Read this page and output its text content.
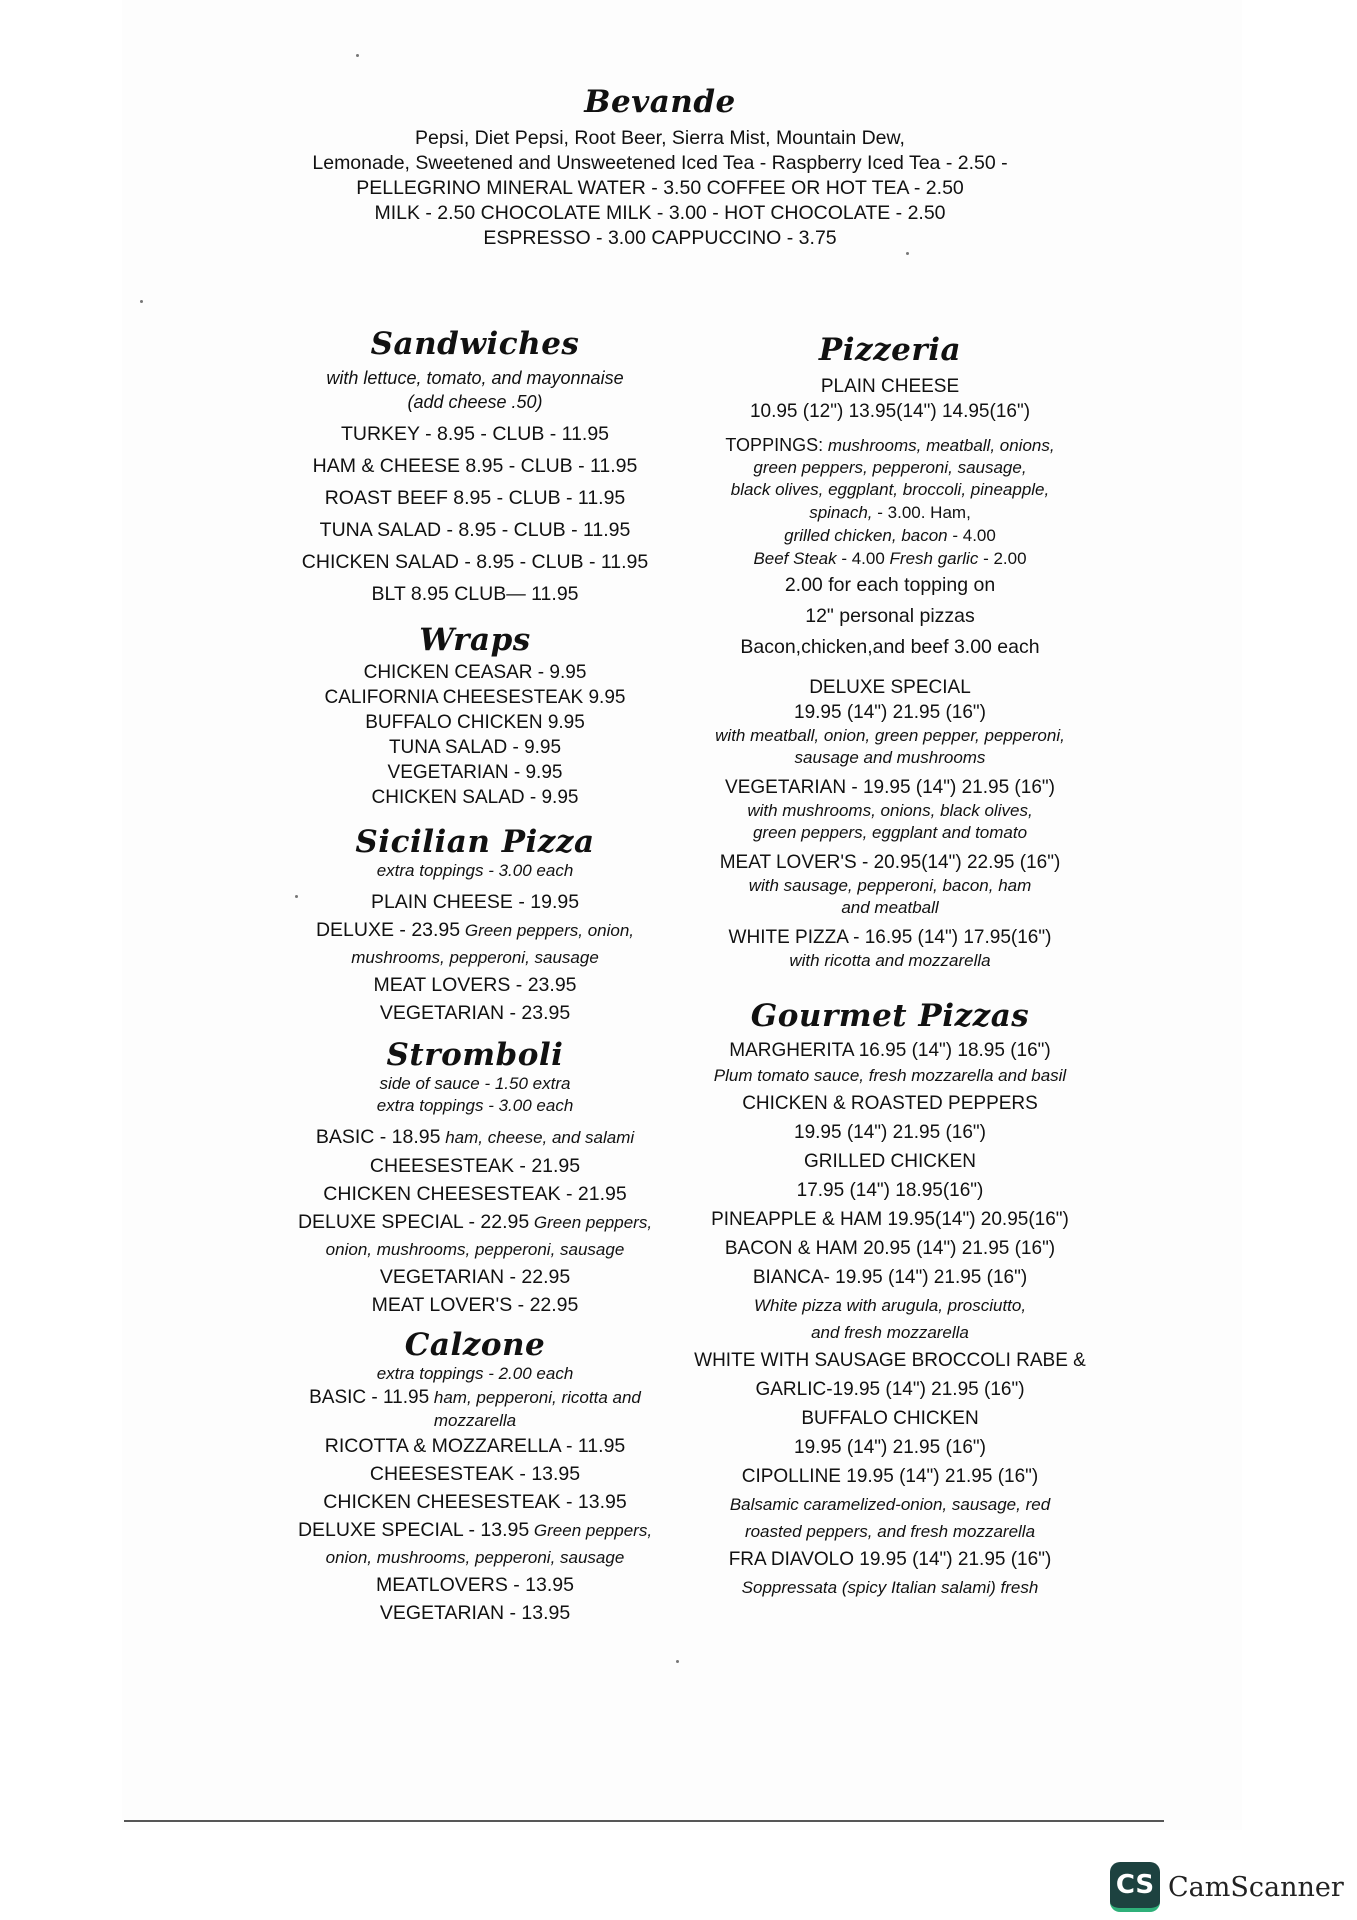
Bevande
Pepsi, Diet Pepsi, Root Beer, Sierra Mist, Mountain Dew,
Lemonade, Sweetened and Unsweetened Iced Tea - Raspberry Iced Tea - 2.50 -
PELLEGRINO MINERAL WATER - 3.50 COFFEE OR HOT TEA - 2.50
MILK - 2.50 CHOCOLATE MILK - 3.00 - HOT CHOCOLATE - 2.50
ESPRESSO - 3.00 CAPPUCCINO - 3.75
Sandwiches
with lettuce, tomato, and mayonnaise
(add cheese .50)
TURKEY - 8.95 - CLUB - 11.95
HAM & CHEESE 8.95 - CLUB - 11.95
ROAST BEEF 8.95 - CLUB - 11.95
TUNA SALAD - 8.95 - CLUB - 11.95
CHICKEN SALAD - 8.95 - CLUB - 11.95
BLT 8.95 CLUB— 11.95
Wraps
CHICKEN CEASAR - 9.95
CALIFORNIA CHEESESTEAK 9.95
BUFFALO CHICKEN 9.95
TUNA SALAD - 9.95
VEGETARIAN - 9.95
CHICKEN SALAD - 9.95
Sicilian Pizza
extra toppings - 3.00 each
PLAIN CHEESE - 19.95
DELUXE - 23.95 Green peppers, onion,
mushrooms, pepperoni, sausage
MEAT LOVERS - 23.95
VEGETARIAN - 23.95
Stromboli
side of sauce - 1.50 extra
extra toppings - 3.00 each
BASIC - 18.95 ham, cheese, and salami
CHEESESTEAK - 21.95
CHICKEN CHEESESTEAK - 21.95
DELUXE SPECIAL - 22.95 Green peppers,
onion, mushrooms, pepperoni, sausage
VEGETARIAN - 22.95
MEAT LOVER'S - 22.95
Calzone
extra toppings - 2.00 each
BASIC - 11.95 ham, pepperoni, ricotta and
mozzarella
RICOTTA & MOZZARELLA - 11.95
CHEESESTEAK - 13.95
CHICKEN CHEESESTEAK - 13.95
DELUXE SPECIAL - 13.95 Green peppers,
onion, mushrooms, pepperoni, sausage
MEATLOVERS - 13.95
VEGETARIAN - 13.95
Pizzeria
PLAIN CHEESE
10.95 (12") 13.95(14") 14.95(16")
TOPPINGS: mushrooms, meatball, onions,
green peppers, pepperoni, sausage,
black olives, eggplant, broccoli, pineapple,
spinach, - 3.00. Ham,
grilled chicken, bacon - 4.00
Beef Steak - 4.00 Fresh garlic - 2.00
2.00 for each topping on
12" personal pizzas
Bacon,chicken,and beef 3.00 each
DELUXE SPECIAL
19.95 (14") 21.95 (16")
with meatball, onion, green pepper, pepperoni,
sausage and mushrooms
VEGETARIAN - 19.95 (14") 21.95 (16")
with mushrooms, onions, black olives,
green peppers, eggplant and tomato
MEAT LOVER'S - 20.95(14") 22.95 (16")
with sausage, pepperoni, bacon, ham
and meatball
WHITE PIZZA - 16.95 (14") 17.95(16")
with ricotta and mozzarella
Gourmet Pizzas
MARGHERITA 16.95 (14") 18.95 (16")
Plum tomato sauce, fresh mozzarella and basil
CHICKEN & ROASTED PEPPERS
19.95 (14") 21.95 (16")
GRILLED CHICKEN
17.95 (14") 18.95(16")
PINEAPPLE & HAM 19.95(14") 20.95(16")
BACON & HAM 20.95 (14") 21.95 (16")
BIANCA- 19.95 (14") 21.95 (16")
White pizza with arugula, prosciutto,
and fresh mozzarella
WHITE WITH SAUSAGE BROCCOLI RABE &
GARLIC-19.95 (14") 21.95 (16")
BUFFALO CHICKEN
19.95 (14") 21.95 (16")
CIPOLLINE 19.95 (14") 21.95 (16")
Balsamic caramelized-onion, sausage, red
roasted peppers, and fresh mozzarella
FRA DIAVOLO 19.95 (14") 21.95 (16")
Soppressata (spicy Italian salami) fresh
CS CamScanner
